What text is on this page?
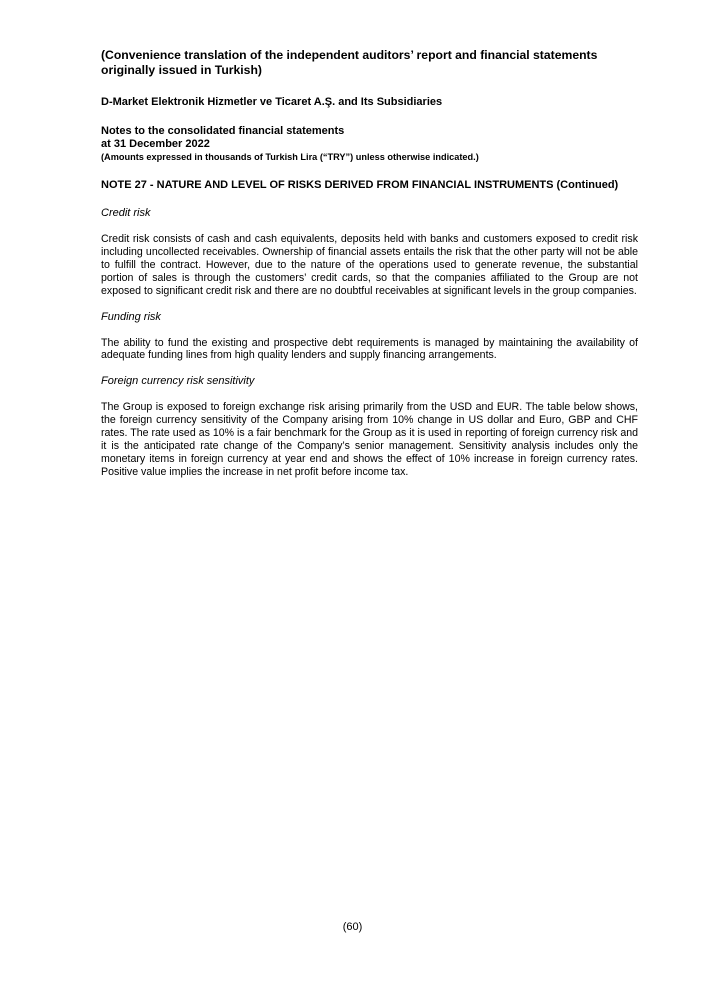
(Convenience translation of the independent auditors’ report and financial statements originally issued in Turkish)

D-Market Elektronik Hizmetler ve Ticaret A.Ş. and Its Subsidiaries

Notes to the consolidated financial statements

at 31 December 2022

(Amounts expressed in thousands of Turkish Lira (“TRY”) unless otherwise indicated.)

NOTE 27 - NATURE AND LEVEL OF RISKS DERIVED FROM FINANCIAL INSTRUMENTS (Continued)

Credit risk

Credit risk consists of cash and cash equivalents, deposits held with banks and customers exposed to credit risk including uncollected receivables. Ownership of financial assets entails the risk that the other party will not be able to fulfill the contract. However, due to the nature of the operations used to generate revenue, the substantial portion of sales is through the customers’ credit cards, so that the companies affiliated to the Group are not exposed to significant credit risk and there are no doubtful receivables at significant levels in the group companies.

Funding risk

The ability to fund the existing and prospective debt requirements is managed by maintaining the availability of adequate funding lines from high quality lenders and supply financing arrangements.

Foreign currency risk sensitivity

The Group is exposed to foreign exchange risk arising primarily from the USD and EUR. The table below shows, the foreign currency sensitivity of the Company arising from 10% change in US dollar and Euro, GBP and CHF rates. The rate used as 10% is a fair benchmark for the Group as it is used in reporting of foreign currency risk and it is the anticipated rate change of the Company’s senior management. Sensitivity analysis includes only the monetary items in foreign currency at year end and shows the effect of 10% increase in foreign currency rates. Positive value implies the increase in net profit before income tax.

(60)
